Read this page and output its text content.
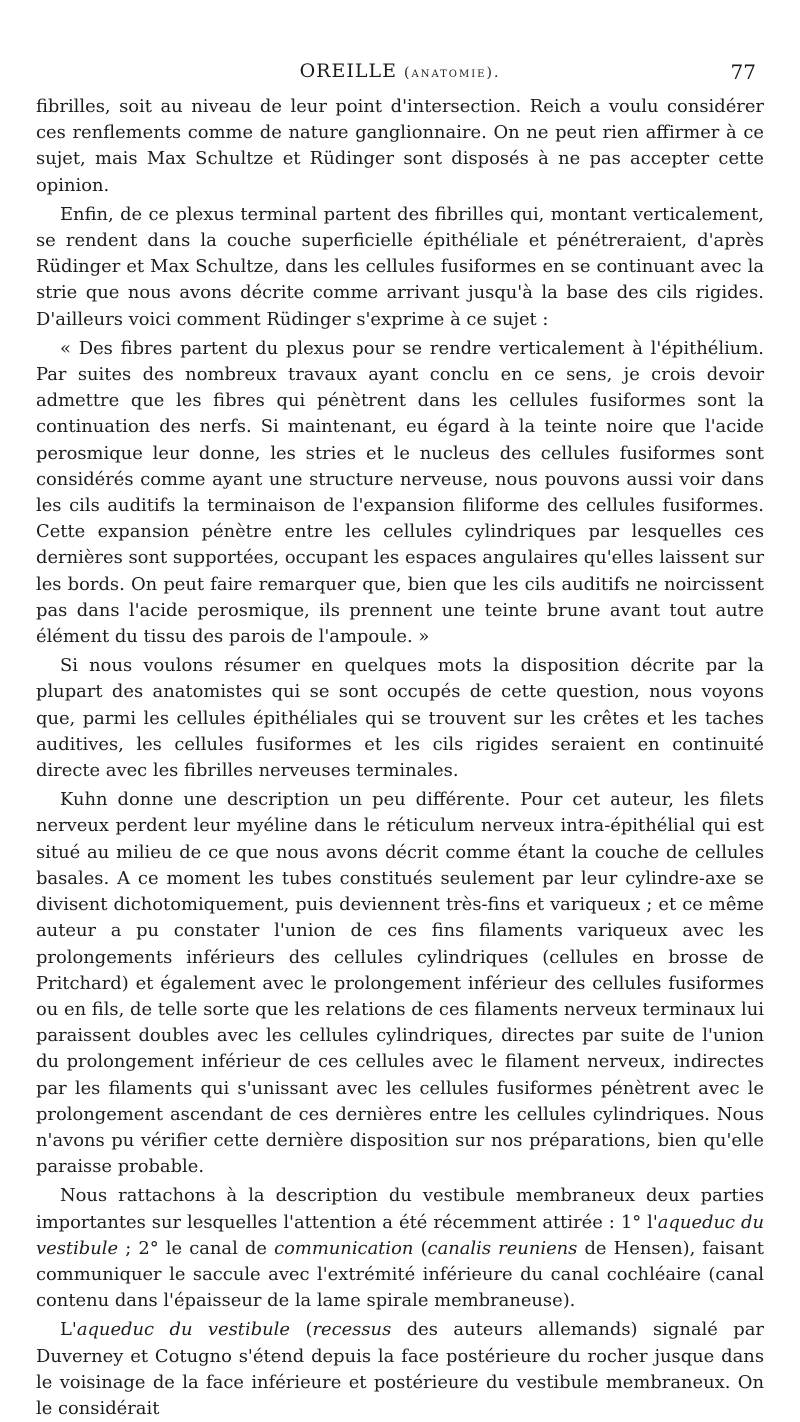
OREILLE (anatomie).	77

fibrilles, soit au niveau de leur point d'intersection. Reich a voulu considérer ces renflements comme de nature ganglionnaire. On ne peut rien affirmer à ce sujet, mais Max Schultze et Rüdinger sont disposés à ne pas accepter cette opinion.

Enfin, de ce plexus terminal partent des fibrilles qui, montant verticalement, se rendent dans la couche superficielle épithéliale et pénétreraient, d'après Rüdinger et Max Schultze, dans les cellules fusiformes en se continuant avec la strie que nous avons décrite comme arrivant jusqu'à la base des cils rigides. D'ailleurs voici comment Rüdinger s'exprime à ce sujet :

« Des fibres partent du plexus pour se rendre verticalement à l'épithélium. Par suites des nombreux travaux ayant conclu en ce sens, je crois devoir admettre que les fibres qui pénètrent dans les cellules fusiformes sont la continuation des nerfs. Si maintenant, eu égard à la teinte noire que l'acide perosmique leur donne, les stries et le nucleus des cellules fusiformes sont considérés comme ayant une structure nerveuse, nous pouvons aussi voir dans les cils auditifs la terminaison de l'expansion filiforme des cellules fusiformes. Cette expansion pénètre entre les cellules cylindriques par lesquelles ces dernières sont supportées, occupant les espaces angulaires qu'elles laissent sur les bords. On peut faire remarquer que, bien que les cils auditifs ne noircissent pas dans l'acide perosmique, ils prennent une teinte brune avant tout autre élément du tissu des parois de l'ampoule. »

Si nous voulons résumer en quelques mots la disposition décrite par la plupart des anatomistes qui se sont occupés de cette question, nous voyons que, parmi les cellules épithéliales qui se trouvent sur les crêtes et les taches auditives, les cellules fusiformes et les cils rigides seraient en continuité directe avec les fibrilles nerveuses terminales.

Kuhn donne une description un peu différente. Pour cet auteur, les filets nerveux perdent leur myéline dans le réticulum nerveux intra-épithélial qui est situé au milieu de ce que nous avons décrit comme étant la couche de cellules basales. A ce moment les tubes constitués seulement par leur cylindre-axe se divisent dichotomiquement, puis deviennent très-fins et variqueux ; et ce même auteur a pu constater l'union de ces fins filaments variqueux avec les prolongements inférieurs des cellules cylindriques (cellules en brosse de Pritchard) et également avec le prolongement inférieur des cellules fusiformes ou en fils, de telle sorte que les relations de ces filaments nerveux terminaux lui paraissent doubles avec les cellules cylindriques, directes par suite de l'union du prolongement inférieur de ces cellules avec le filament nerveux, indirectes par les filaments qui s'unissant avec les cellules fusiformes pénètrent avec le prolongement ascendant de ces dernières entre les cellules cylindriques. Nous n'avons pu vérifier cette dernière disposition sur nos préparations, bien qu'elle paraisse probable.

Nous rattachons à la description du vestibule membraneux deux parties importantes sur lesquelles l'attention a été récemment attirée : 1° l'aqueduc du vestibule ; 2° le canal de communication (canalis reuniens de Hensen), faisant communiquer le saccule avec l'extrémité inférieure du canal cochléaire (canal contenu dans l'épaisseur de la lame spirale membraneuse).

L'aqueduc du vestibule (recessus des auteurs allemands) signalé par Duverney et Cotugno s'étend depuis la face postérieure du rocher jusque dans le voisinage de la face inférieure et postérieure du vestibule membraneux. On le considérait
